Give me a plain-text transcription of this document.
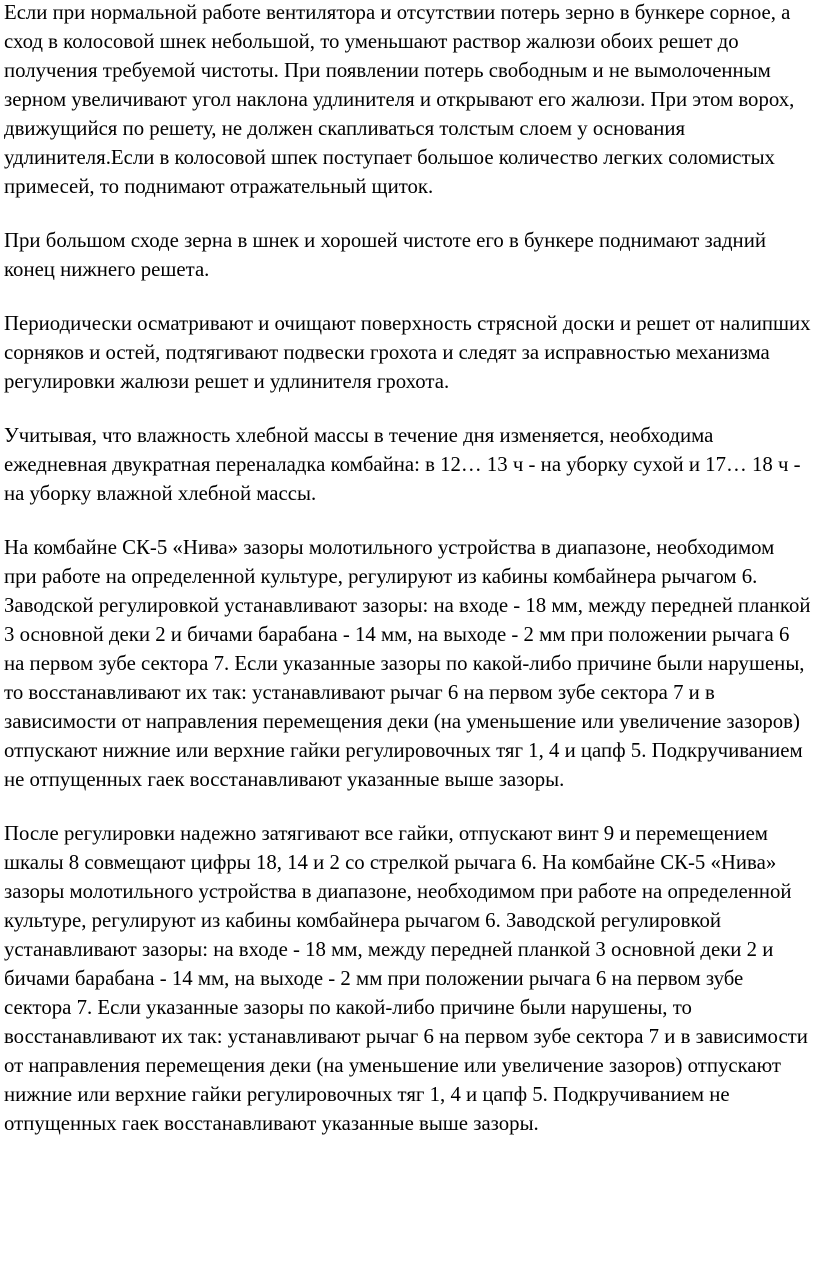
Если при нормальной работе вентилятора и отсутствии потерь зерно в бункере сорное, а сход в колосовой шнек небольшой, то уменьшают раствор жалюзи обоих решет до получения требуемой чистоты. При появлении потерь свободным и не вымолоченным зерном увеличивают угол наклона удлинителя и открывают его жалюзи. При этом ворох, движущийся по решету, не должен скапливаться толстым слоем у основания удлинителя.Если в колосовой шпек поступает большое количество легких соломистых примесей, то поднимают отражательный щиток.

При большом сходе зерна в шнек и хорошей чистоте его в бункере поднимают задний конец нижнего решета.

Периодически осматривают и очищают поверхность стрясной доски и решет от налипших сорняков и остей, подтягивают подвески грохота и следят за исправностью механизма регулировки жалюзи решет и удлинителя грохота.

Учитывая, что влажность хлебной массы в течение дня изменяется, необходима ежедневная двукратная переналадка комбайна: в 12… 13 ч - на уборку сухой и 17… 18 ч - на уборку влажной хлебной массы.

На комбайне СК-5 «Нива» зазоры молотильного устройства в диапазоне, необходимом при работе на определенной культуре, регулируют из кабины комбайнера рычагом 6. Заводской регулировкой устанавливают зазоры: на входе - 18 мм, между передней планкой 3 основной деки 2 и бичами барабана - 14 мм, на выходе - 2 мм при положении рычага 6 на первом зубе сектора 7. Если указанные зазоры по какой-либо причине были нарушены, то восстанавливают их так: устанавливают рычаг 6 на первом зубе сектора 7 и в зависимости от направления перемещения деки (на уменьшение или увеличение зазоров) отпускают нижние или верхние гайки регулировочных тяг 1, 4 и цапф 5. Подкручиванием не отпущенных гаек восстанавливают указанные выше зазоры.

После регулировки надежно затягивают все гайки, отпускают винт 9 и перемещением шкалы 8 совмещают цифры 18, 14 и 2 со стрелкой рычага 6. На комбайне СК-5 «Нива» зазоры молотильного устройства в диапазоне, необходимом при работе на определенной культуре, регулируют из кабины комбайнера рычагом 6. Заводской регулировкой устанавливают зазоры: на входе - 18 мм, между передней планкой 3 основной деки 2 и бичами барабана - 14 мм, на выходе - 2 мм при положении рычага 6 на первом зубе сектора 7. Если указанные зазоры по какой-либо причине были нарушены, то восстанавливают их так: устанавливают рычаг 6 на первом зубе сектора 7 и в зависимости от направления перемещения деки (на уменьшение или увеличение зазоров) отпускают нижние или верхние гайки регулировочных тяг 1, 4 и цапф 5. Подкручиванием не отпущенных гаек восстанавливают указанные выше зазоры.
